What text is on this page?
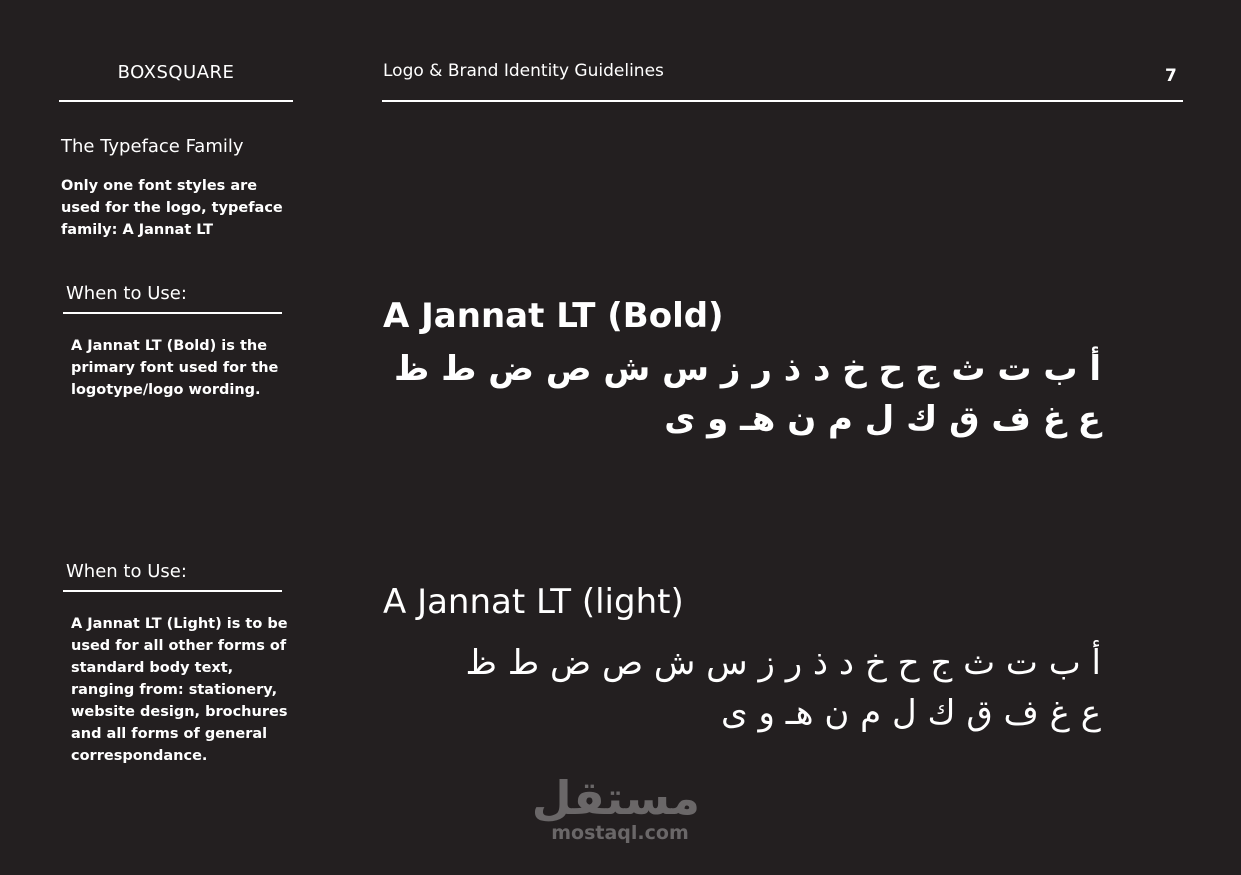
BOXSQUARE	Logo & Brand Identity Guidelines	7
The Typeface Family
Only one font styles are used for the logo, typeface family: A Jannat LT
When to Use:
A Jannat LT (Bold) is the primary font used for the logotype/logo wording.
When to Use:
A Jannat LT (Light) is to be used for all other forms of standard body text, ranging from: stationery, website design, brochures and all forms of general correspondance.
A Jannat LT (Bold)
أ ب ت ث ج ح خ د ذ ر ز س ش ص ض ط ظ
ع غ ف ق ك ل م ن هـ و ى
A Jannat LT (light)
أ ب ت ث ج ح خ د ذ ر ز س ش ص ض ط ظ
ع غ ف ق ك ل م ن هـ و ى
مستقل
mostaql.com
